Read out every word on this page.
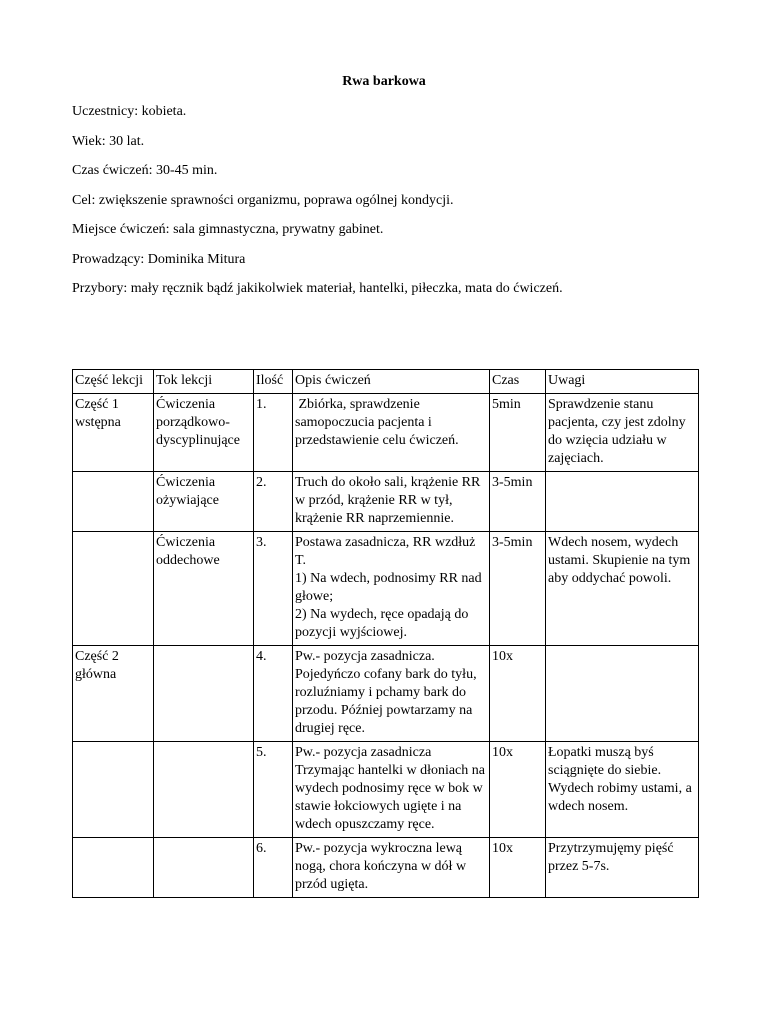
Rwa barkowa
Uczestnicy: kobieta.
Wiek: 30 lat.
Czas ćwiczeń: 30-45 min.
Cel: zwiększenie sprawności organizmu, poprawa ogólnej kondycji.
Miejsce ćwiczeń: sala gimnastyczna, prywatny gabinet.
Prowadzący: Dominika Mitura
Przybory: mały ręcznik bądź jakikolwiek materiał, hantelki, piłeczka, mata do ćwiczeń.
Część lekcji	Tok lekcji	Ilość	Opis ćwiczeń	Czas	Uwagi
Część 1 wstępna	Ćwiczenia porządkowo-dyscyplinujące	1.	Zbiórka, sprawdzenie samopoczucia pacjenta i przedstawienie celu ćwiczeń.	5min	Sprawdzenie stanu pacjenta, czy jest zdolny do wzięcia udziału w zajęciach.
	Ćwiczenia ożywiające	2.	Truch do około sali, krążenie RR w przód, krążenie RR w tył, krążenie RR naprzemiennie.	3-5min	
	Ćwiczenia oddechowe	3.	Postawa zasadnicza, RR wzdłuż T.
1) Na wdech, podnosimy RR nad głowe;
2) Na wydech, ręce opadają do pozycji wyjściowej.	3-5min	Wdech nosem, wydech ustami. Skupienie na tym aby oddychać powoli.
Część 2 główna		4.	Pw.- pozycja zasadnicza.
Pojedyńczo cofany bark do tyłu, rozluźniamy i pchamy bark do przodu. Później powtarzamy na drugiej ręce.	10x	
		5.	Pw.- pozycja zasadnicza
Trzymając hantelki w dłoniach na wydech podnosimy ręce w bok w stawie łokciowych ugięte i na wdech opuszczamy ręce.	10x	Łopatki muszą byś sciągnięte do siebie. Wydech robimy ustami, a wdech nosem.
		6.	Pw.- pozycja wykroczna lewą nogą, chora kończyna w dół w przód ugięta.	10x	Przytrzymujęmy pięść przez 5-7s.
